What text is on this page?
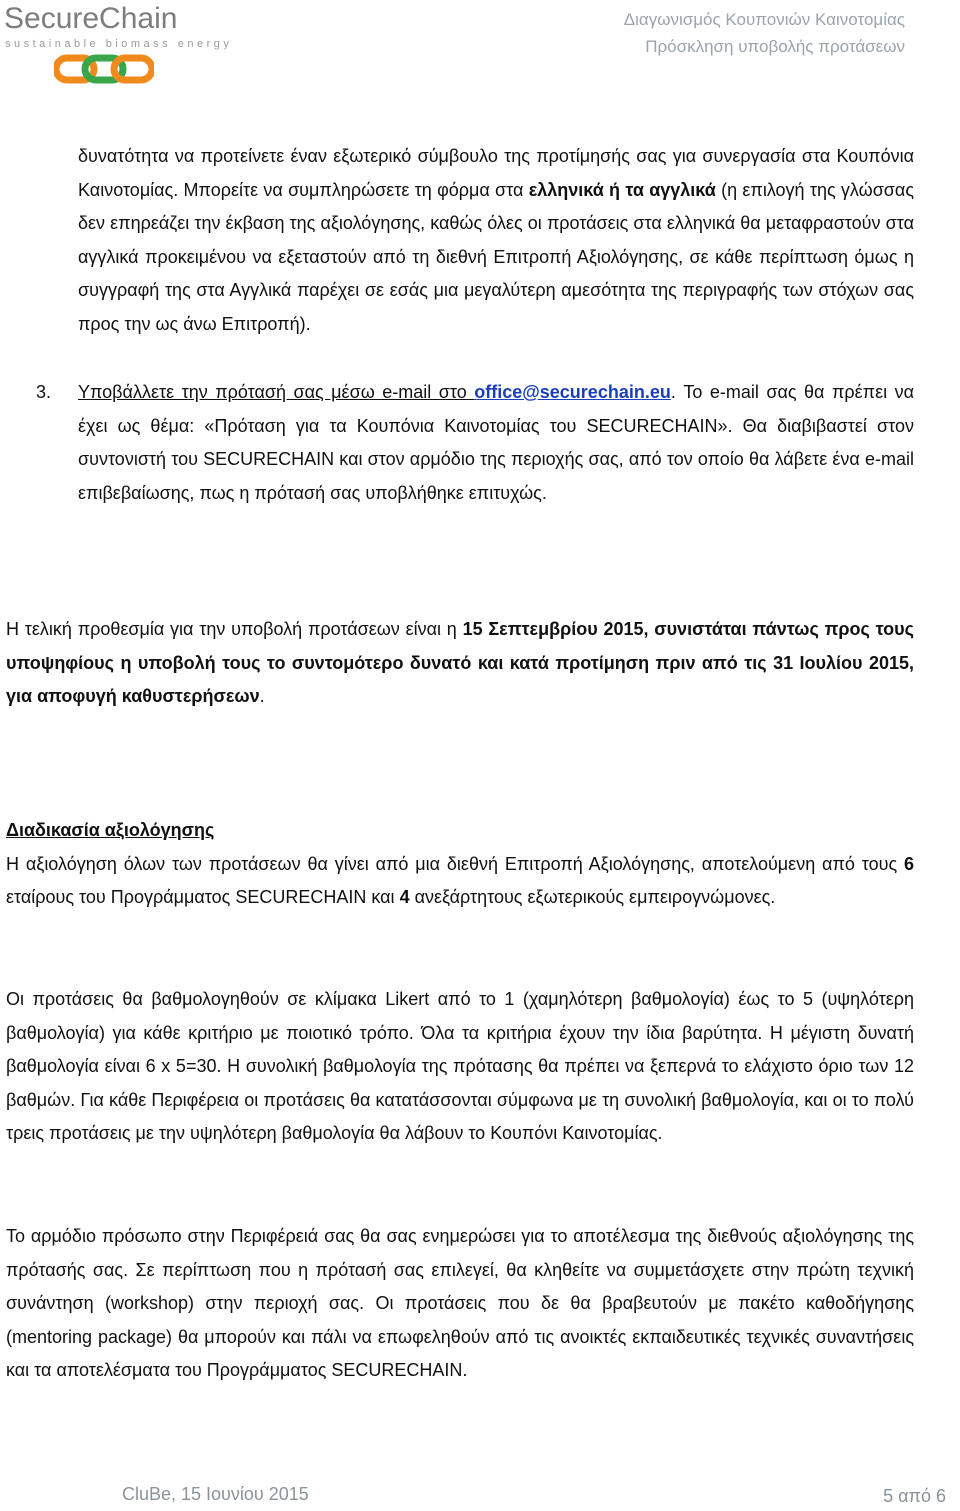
SecureChain
sustainable biomass energy
Διαγωνισμός Κουπονιών Καινοτομίας
Πρόσκληση υποβολής προτάσεων
δυνατότητα να προτείνετε έναν εξωτερικό σύμβουλο της προτίμησής σας για συνεργασία στα Κουπόνια Καινοτομίας. Μπορείτε να συμπληρώσετε τη φόρμα στα ελληνικά ή τα αγγλικά (η επιλογή της γλώσσας δεν επηρεάζει την έκβαση της αξιολόγησης, καθώς όλες οι προτάσεις στα ελληνικά θα μεταφραστούν στα αγγλικά προκειμένου να εξεταστούν από τη διεθνή Επιτροπή Αξιολόγησης, σε κάθε περίπτωση όμως η συγγραφή της στα Αγγλικά παρέχει σε εσάς μια μεγαλύτερη αμεσότητα της περιγραφής των στόχων σας προς την ως άνω Επιτροπή).
3. Υποβάλλετε την πρότασή σας μέσω e-mail στο office@securechain.eu. Το e-mail σας θα πρέπει να έχει ως θέμα: «Πρόταση για τα Κουπόνια Καινοτομίας του SECURECHAIN». Θα διαβιβαστεί στον συντονιστή του SECURECHAIN και στον αρμόδιο της περιοχής σας, από τον οποίο θα λάβετε ένα e-mail επιβεβαίωσης, πως η πρότασή σας υποβλήθηκε επιτυχώς.
Η τελική προθεσμία για την υποβολή προτάσεων είναι η 15 Σεπτεμβρίου 2015, συνιστάται πάντως προς τους υποψηφίους η υποβολή τους το συντομότερο δυνατό και κατά προτίμηση πριν από τις 31 Ιουλίου 2015, για αποφυγή καθυστερήσεων.
Διαδικασία αξιολόγησης
Η αξιολόγηση όλων των προτάσεων θα γίνει από μια διεθνή Επιτροπή Αξιολόγησης, αποτελούμενη από τους 6 εταίρους του Προγράμματος SECURECHAIN και 4 ανεξάρτητους εξωτερικούς εμπειρογνώμονες.
Οι προτάσεις θα βαθμολογηθούν σε κλίμακα Likert από το 1 (χαμηλότερη βαθμολογία) έως το 5 (υψηλότερη βαθμολογία) για κάθε κριτήριο με ποιοτικό τρόπο. Όλα τα κριτήρια έχουν την ίδια βαρύτητα. Η μέγιστη δυνατή βαθμολογία είναι 6 x 5=30. Η συνολική βαθμολογία της πρότασης θα πρέπει να ξεπερνά το ελάχιστο όριο των 12 βαθμών. Για κάθε Περιφέρεια οι προτάσεις θα κατατάσσονται σύμφωνα με τη συνολική βαθμολογία, και οι το πολύ τρεις προτάσεις με την υψηλότερη βαθμολογία θα λάβουν το Κουπόνι Καινοτομίας.
Το αρμόδιο πρόσωπο στην Περιφέρειά σας θα σας ενημερώσει για το αποτέλεσμα της διεθνούς αξιολόγησης της πρότασής σας. Σε περίπτωση που η πρότασή σας επιλεγεί, θα κληθείτε να συμμετάσχετε στην πρώτη τεχνική συνάντηση (workshop) στην περιοχή σας. Οι προτάσεις που δε θα βραβευτούν με πακέτο καθοδήγησης (mentoring package) θα μπορούν και πάλι να επωφεληθούν από τις ανοικτές εκπαιδευτικές τεχνικές συναντήσεις και τα αποτελέσματα του Προγράμματος SECURECHAIN.
CluBe, 15 Ιουνίου 2015	5 από 6
